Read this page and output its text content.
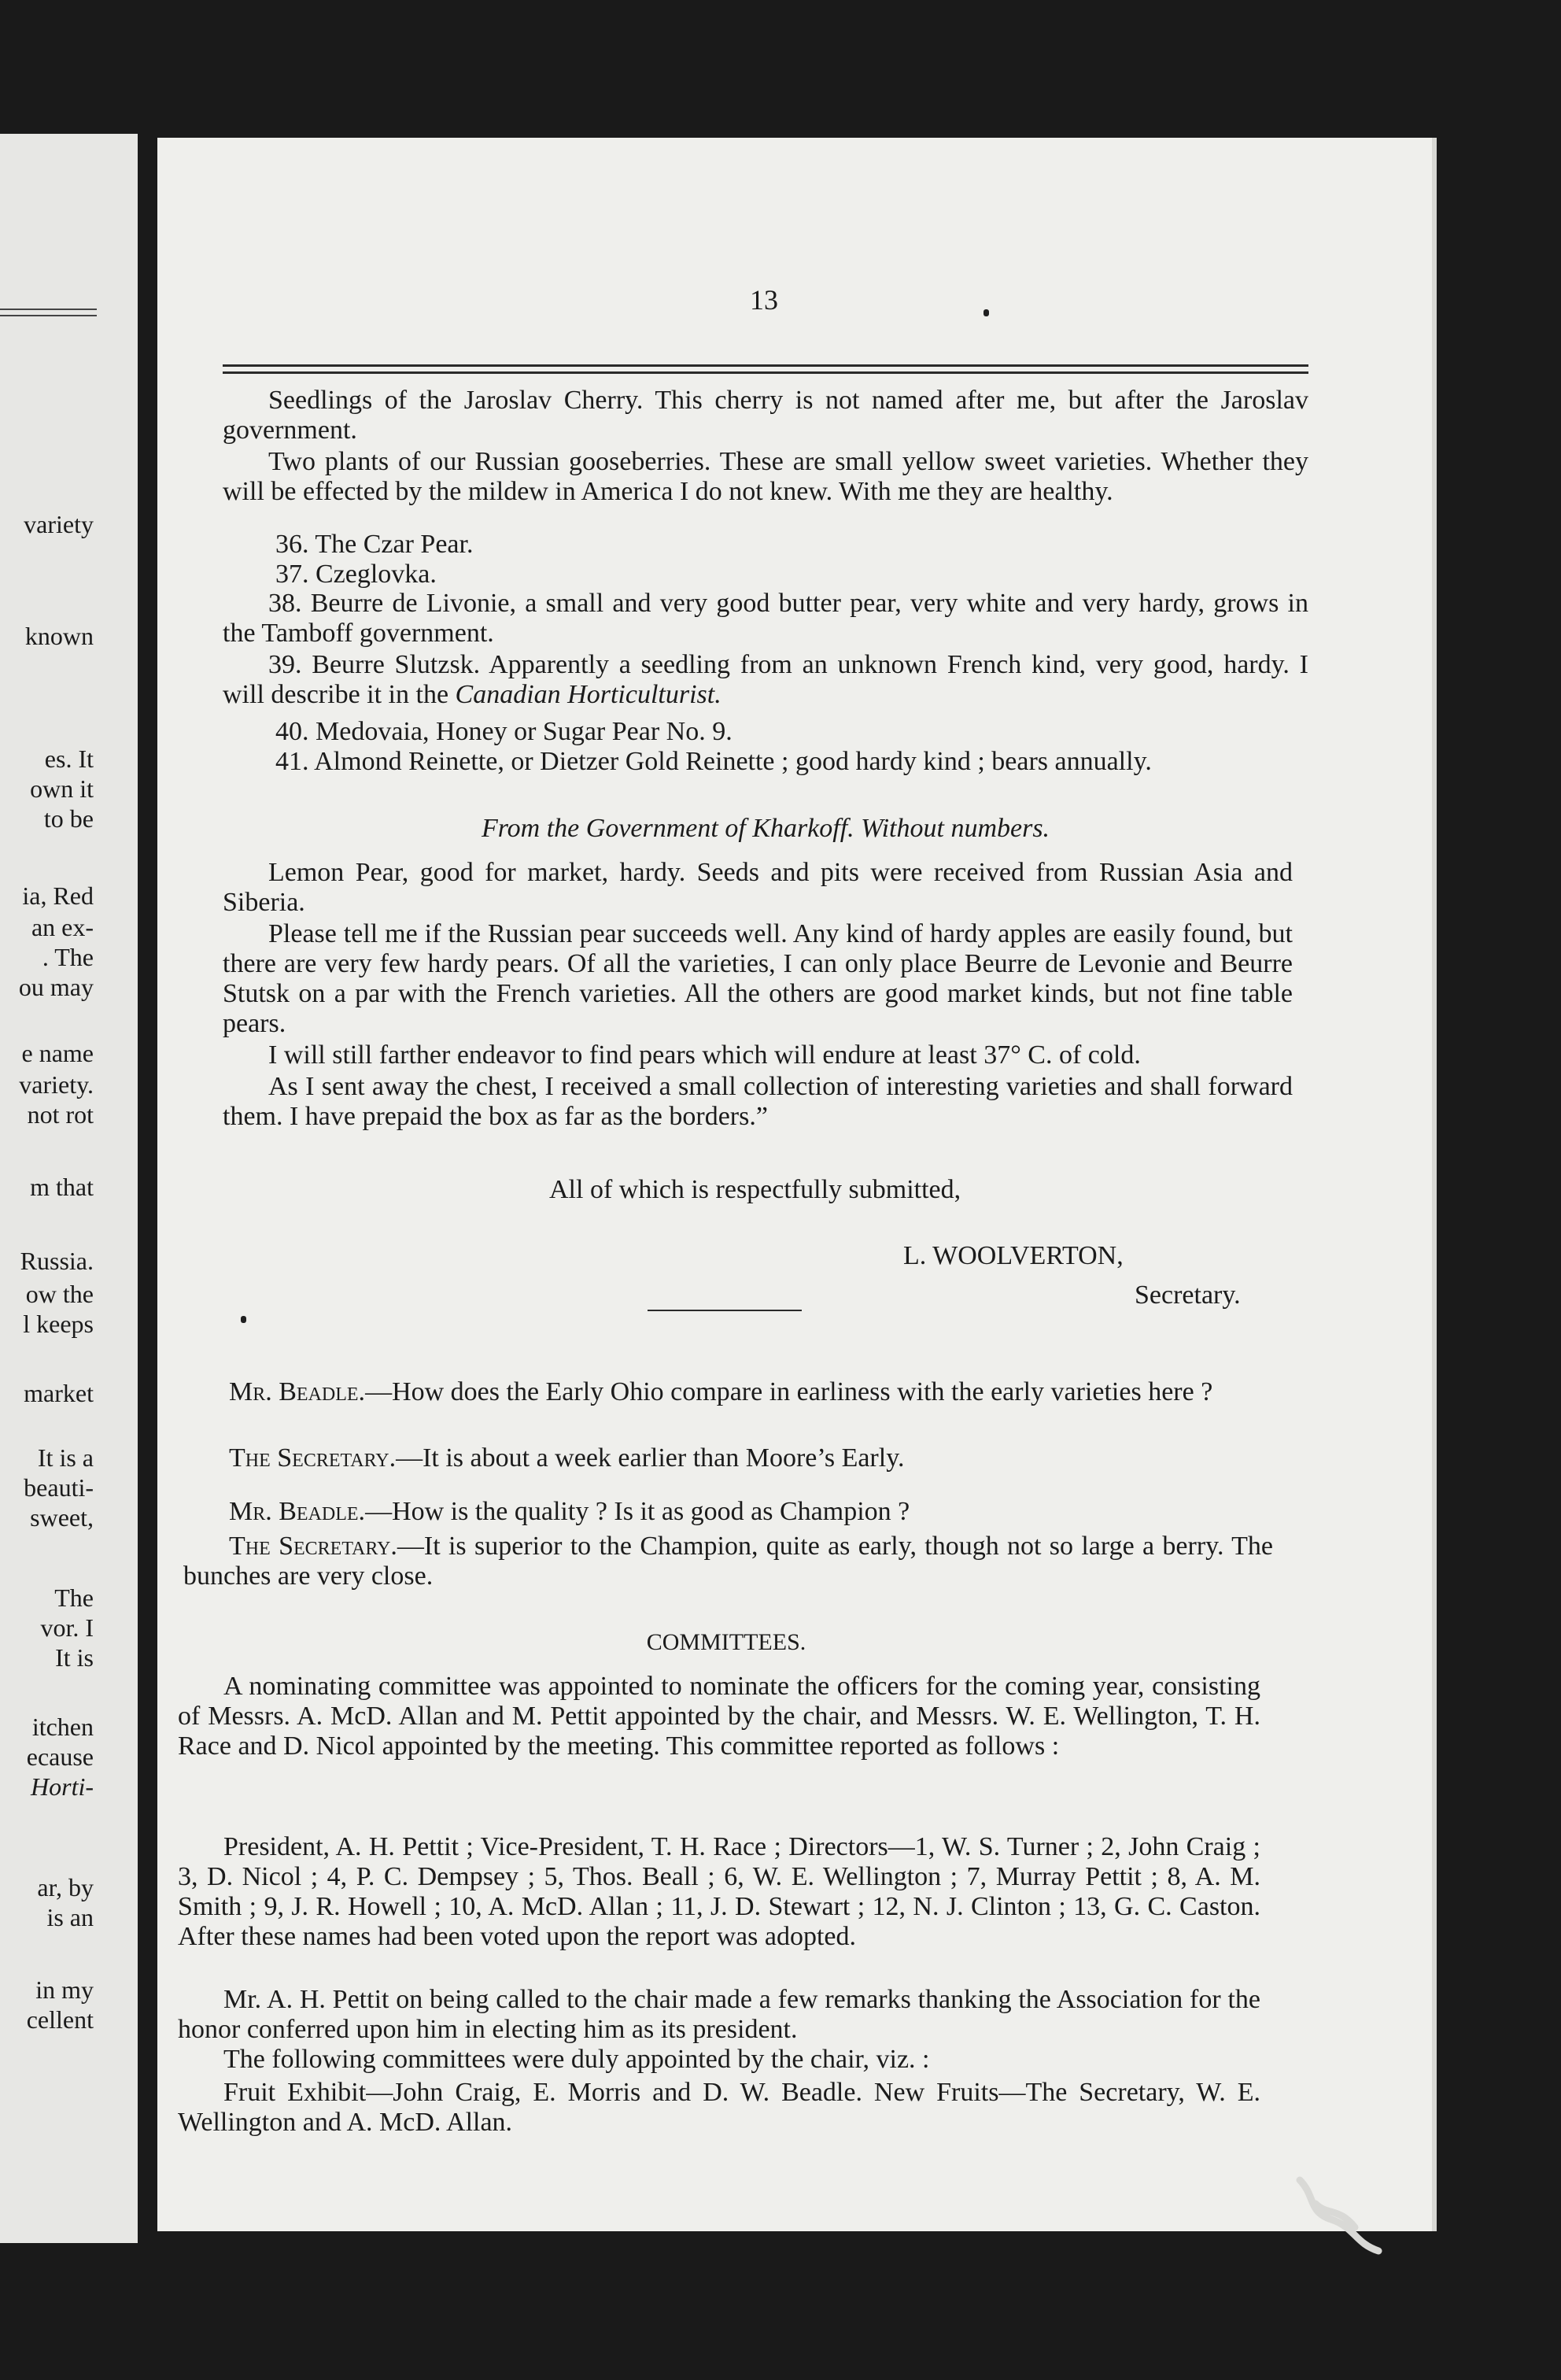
variety
known
es. It
own it
to be
ia, Red
an ex-
. The
ou may
e name
variety.
not rot
m that
Russia.
ow the
l keeps
market
It is a
beauti-
sweet,
The
vor. I
It is
itchen
ecause
Horti-
ar, by
is an
in my
cellent
13
Seedlings of the Jaroslav Cherry. This cherry is not named after me, but after the Jaroslav government.
Two plants of our Russian gooseberries. These are small yellow sweet varieties. Whether they will be effected by the mildew in America I do not knew. With me they are healthy.
36. The Czar Pear.
37. Czeglovka.
38. Beurre de Livonie, a small and very good butter pear, very white and very hardy, grows in the Tamboff government.
39. Beurre Slutzsk. Apparently a seedling from an unknown French kind, very good, hardy. I will describe it in the Canadian Horticulturist.
40. Medovaia, Honey or Sugar Pear No. 9.
41. Almond Reinette, or Dietzer Gold Reinette ; good hardy kind ; bears annually.
From the Government of Kharkoff. Without numbers.
Lemon Pear, good for market, hardy. Seeds and pits were received from Russian Asia and Siberia.
Please tell me if the Russian pear succeeds well. Any kind of hardy apples are easily found, but there are very few hardy pears. Of all the varieties, I can only place Beurre de Levonie and Beurre Stutsk on a par with the French varieties. All the others are good market kinds, but not fine table pears.
I will still farther endeavor to find pears which will endure at least 37° C. of cold.
As I sent away the chest, I received a small collection of interesting varieties and shall forward them. I have prepaid the box as far as the borders.”
All of which is respectfully submitted,
L. WOOLVERTON,
Secretary.
Mr. Beadle.—How does the Early Ohio compare in earliness with the early varieties here ?
The Secretary.—It is about a week earlier than Moore’s Early.
Mr. Beadle.—How is the quality ? Is it as good as Champion ?
The Secretary.—It is superior to the Champion, quite as early, though not so large a berry. The bunches are very close.
COMMITTEES.
A nominating committee was appointed to nominate the officers for the coming year, consisting of Messrs. A. McD. Allan and M. Pettit appointed by the chair, and Messrs. W. E. Wellington, T. H. Race and D. Nicol appointed by the meeting. This committee reported as follows :
President, A. H. Pettit ; Vice-President, T. H. Race ; Directors—1, W. S. Turner ; 2, John Craig ; 3, D. Nicol ; 4, P. C. Dempsey ; 5, Thos. Beall ; 6, W. E. Wellington ; 7, Murray Pettit ; 8, A. M. Smith ; 9, J. R. Howell ; 10, A. McD. Allan ; 11, J. D. Stewart ; 12, N. J. Clinton ; 13, G. C. Caston. After these names had been voted upon the report was adopted.
Mr. A. H. Pettit on being called to the chair made a few remarks thanking the Association for the honor conferred upon him in electing him as its president.
The following committees were duly appointed by the chair, viz. :
Fruit Exhibit—John Craig, E. Morris and D. W. Beadle. New Fruits—The Secretary, W. E. Wellington and A. McD. Allan.
